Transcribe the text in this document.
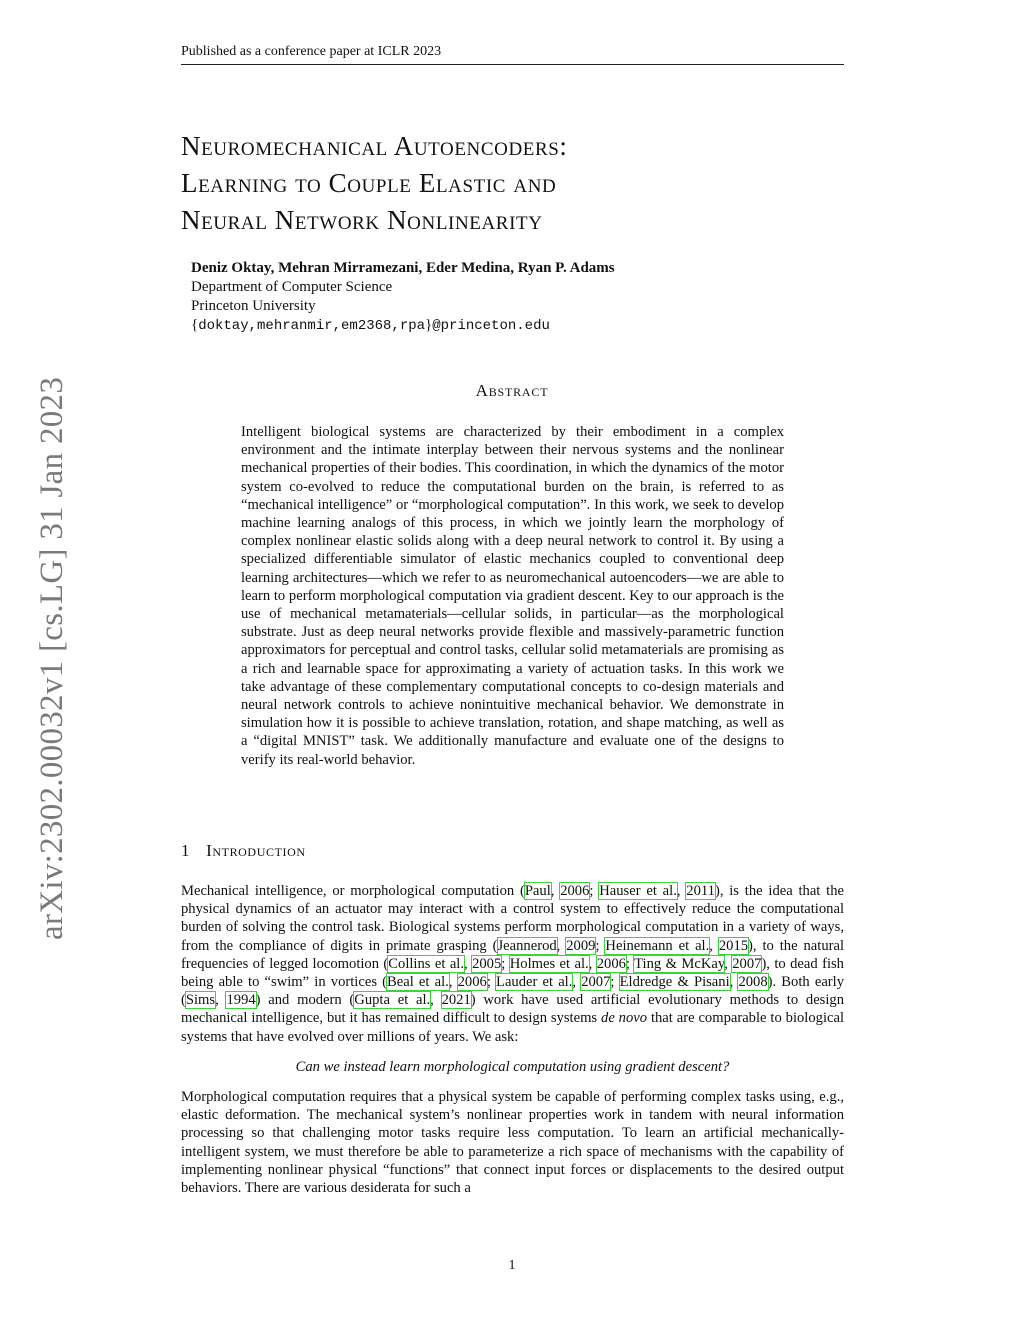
Published as a conference paper at ICLR 2023
arXiv:2302.00032v1 [cs.LG] 31 Jan 2023
Neuromechanical Autoencoders:
Learning to Couple Elastic and
Neural Network Nonlinearity
Deniz Oktay, Mehran Mirramezani, Eder Medina, Ryan P. Adams
Department of Computer Science
Princeton University
{doktay,mehranmir,em2368,rpa}@princeton.edu
Abstract
Intelligent biological systems are characterized by their embodiment in a complex environment and the intimate interplay between their nervous systems and the nonlinear mechanical properties of their bodies. This coordination, in which the dynamics of the motor system co-evolved to reduce the computational burden on the brain, is referred to as “mechanical intelligence” or “morphological computation”. In this work, we seek to develop machine learning analogs of this process, in which we jointly learn the morphology of complex nonlinear elastic solids along with a deep neural network to control it. By using a specialized differentiable simulator of elastic mechanics coupled to conventional deep learning architectures—which we refer to as neuromechanical autoencoders—we are able to learn to perform morphological computation via gradient descent. Key to our approach is the use of mechanical metamaterials—cellular solids, in particular—as the morphological substrate. Just as deep neural networks provide flexible and massively-parametric function approximators for perceptual and control tasks, cellular solid metamaterials are promising as a rich and learnable space for approximating a variety of actuation tasks. In this work we take advantage of these complementary computational concepts to co-design materials and neural network controls to achieve nonintuitive mechanical behavior. We demonstrate in simulation how it is possible to achieve translation, rotation, and shape matching, as well as a “digital MNIST” task. We additionally manufacture and evaluate one of the designs to verify its real-world behavior.
1 Introduction

Mechanical intelligence, or morphological computation (Paul, 2006; Hauser et al., 2011), is the idea that the physical dynamics of an actuator may interact with a control system to effectively reduce the computational burden of solving the control task. Biological systems perform morphological computation in a variety of ways, from the compliance of digits in primate grasping (Jeannerod, 2009; Heinemann et al., 2015), to the natural frequencies of legged locomotion (Collins et al., 2005; Holmes et al., 2006; Ting & McKay, 2007), to dead fish being able to “swim” in vortices (Beal et al., 2006; Lauder et al., 2007; Eldredge & Pisani, 2008). Both early (Sims, 1994) and modern (Gupta et al., 2021) work have used artificial evolutionary methods to design mechanical intelligence, but it has remained difficult to design systems de novo that are comparable to biological systems that have evolved over millions of years. We ask:

Can we instead learn morphological computation using gradient descent?

Morphological computation requires that a physical system be capable of performing complex tasks using, e.g., elastic deformation. The mechanical system’s nonlinear properties work in tandem with neural information processing so that challenging motor tasks require less computation. To learn an artificial mechanically-intelligent system, we must therefore be able to parameterize a rich space of mechanisms with the capability of implementing nonlinear physical “functions” that connect input forces or displacements to the desired output behaviors. There are various desiderata for such a

1
